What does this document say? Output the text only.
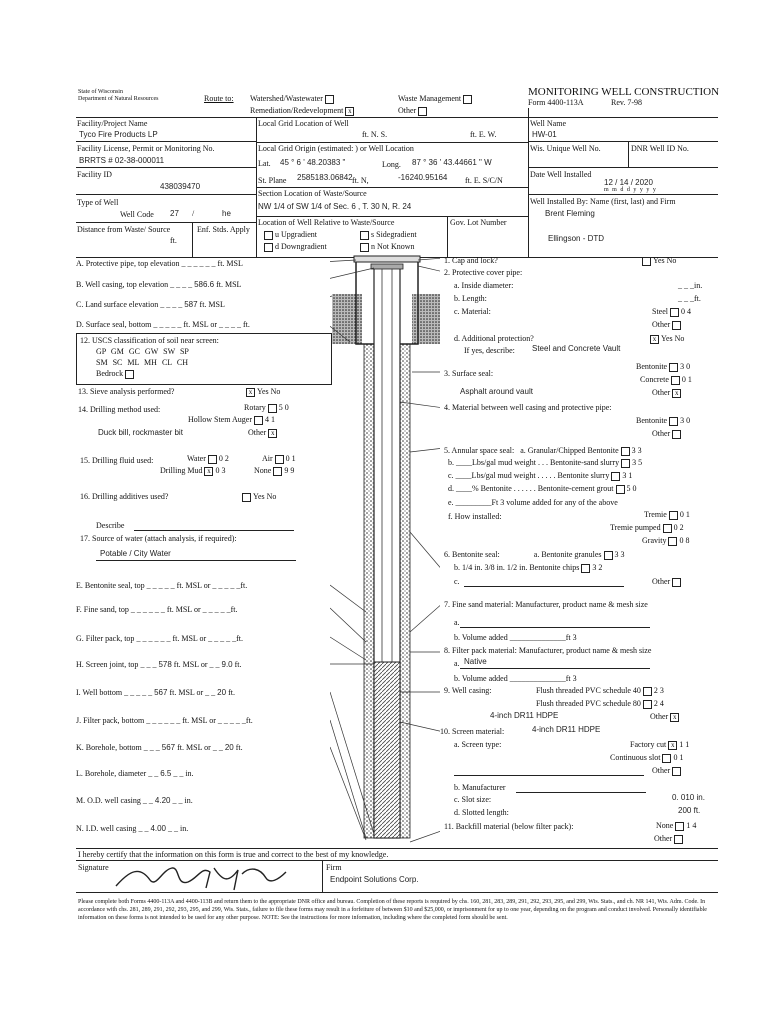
State of Wisconsin
Department of Natural Resources	Route to: Watershed/Wastewater	Waste Management
Remediation/Redevelopment x	Other
MONITORING WELL CONSTRUCTION
Form 4400-113A	Rev. 7-98
Facility/Project Name
Tyco Fire Products LP
Facility License, Permit or Monitoring No.
BRRTS # 02-38-000011
Facility ID
438039470
Type of Well
Well Code 27 /	he
Distance from Waste/ Source
ft.
Enf. Stds. Apply
Local Grid Location of Well
ft. N. S.	ft. E. W.
Local Grid Origin (estimated: ) or Well Location
Lat. 45 ° 6 ' 48.20383 "	Long. 87 ° 36 ' 43.44661 " W
St. Plane 2585183.06842 ft. N,	-16240.95164 ft. E. S/C/N
Section Location of Waste/Source
NW 1/4 of SW 1/4 of Sec. 6 , T. 30 N, R. 24
Location of Well Relative to Waste/Source	Gov. Lot Number
u Upgradient	s Sidegradient
d Downgradient	n Not Known
Well Name
HW-01
Wis. Unique Well No.	DNR Well ID No.
Date Well Installed
12 / 14 / 2020
m m d d y y y y
Well Installed By: Name (first, last) and Firm
Brent Fleming
Ellingson - DTD
A. Protective pipe, top elevation _ _ _ _ _ _ ft. MSL
B. Well casing, top elevation _ _ _ _ 586.6 ft. MSL
C. Land surface elevation _ _ _ _ 587 ft. MSL
D. Surface seal, bottom _ _ _ _ _ ft. MSL or _ _ _ _ ft.
12. USCS classification of soil near screen:
GP GM GC GW SW SP
SM SC ML MH CL CH
Bedrock
13. Sieve analysis performed?	x Yes No
14. Drilling method used:	Rotary 5 0
Hollow Stem Auger 4 1
Duck bill, rockmaster bit	Other x
15. Drilling fluid used:	Water 0 2	Air 0 1
Drilling Mud x 0 3	None 9 9
16. Drilling additives used?	Yes No
Describe
17. Source of water (attach analysis, if required):
Potable / City Water
E. Bentonite seal, top _ _ _ _ _ ft. MSL or _ _ _ _ _ft.
F. Fine sand, top _ _ _ _ _ _ ft. MSL or _ _ _ _ _ft.
G. Filter pack, top _ _ _ _ _ _ ft. MSL or _ _ _ _ _ft.
H. Screen joint, top _ _ _ 578 ft. MSL or _ _ 9.0 ft.
I. Well bottom _ _ _ _ _ 567 ft. MSL or _ _ 20 ft.
J. Filter pack, bottom _ _ _ _ _ _ ft. MSL or _ _ _ _ _ft.
K. Borehole, bottom _ _ _ 567 ft. MSL or _ _ 20 ft.
L. Borehole, diameter _ _ 6.5 _ _ in.
M. O.D. well casing _ _ 4.20 _ _ in.
N. I.D. well casing _ _ 4.00 _ _ in.
1. Cap and lock?	Yes No
2. Protective cover pipe:
a. Inside diameter:	_ _ _in.
b. Length:	_ _ _ft.
c. Material:	Steel 0 4
Other
d. Additional protection?	x Yes No
If yes, describe: Steel and Concrete Vault
3. Surface seal:
Bentonite 3 0
Concrete 0 1
Asphalt around vault	Other x
4. Material between well casing and protective pipe:
Bentonite 3 0
Other
5. Annular space seal: a. Granular/Chipped Bentonite 3 3
b. ____Lbs/gal mud weight . . . Bentonite-sand slurry 3 5
c. ____Lbs/gal mud weight . . . . . Bentonite slurry 3 1
d. ____% Bentonite . . . . . . Bentonite-cement grout 5 0
e. _________Ft 3 volume added for any of the above
f. How installed:	Tremie 0 1
Tremie pumped 0 2
Gravity 0 8
6. Bentonite seal:	a. Bentonite granules 3 3
b. 1/4 in. 3/8 in. 1/2 in. Bentonite chips 3 2
c.	Other
7. Fine sand material: Manufacturer, product name & mesh size
a.
b. Volume added ______________ft 3
8. Filter pack material: Manufacturer, product name & mesh size
a. Native
b. Volume added ______________ft 3
9. Well casing:	Flush threaded PVC schedule 40 2 3
Flush threaded PVC schedule 80 2 4
4-inch DR11 HDPE	Other x
10. Screen material:	4-inch DR11 HDPE
a. Screen type:	Factory cut x 1 1
Continuous slot 0 1
Other
b. Manufacturer
c. Slot size:	0. 010 in.
d. Slotted length:	200 ft.
11. Backfill material (below filter pack):	None 1 4
Other
I hereby certify that the information on this form is true and correct to the best of my knowledge.
Signature	Firm
Endpoint Solutions Corp.
Please complete both Forms 4400-113A and 4400-113B and return them to the appropriate DNR office and bureau. Completion of these reports is required by chs. 160, 281, 283, 289, 291, 292, 293, 295, and 299, Wis. Stats., and ch. NR 141, Wis. Adm. Code. In accordance with chs. 281, 289, 291, 292, 293, 295, and 299, Wis. Stats., failure to file these forms may result in a forfeiture of between $10 and $25,000, or imprisonment for up to one year, depending on the program and conduct involved. Personally identifiable information on these forms is not intended to be used for any other purpose. NOTE: See the instructions for more information, including where the completed form should be sent.
